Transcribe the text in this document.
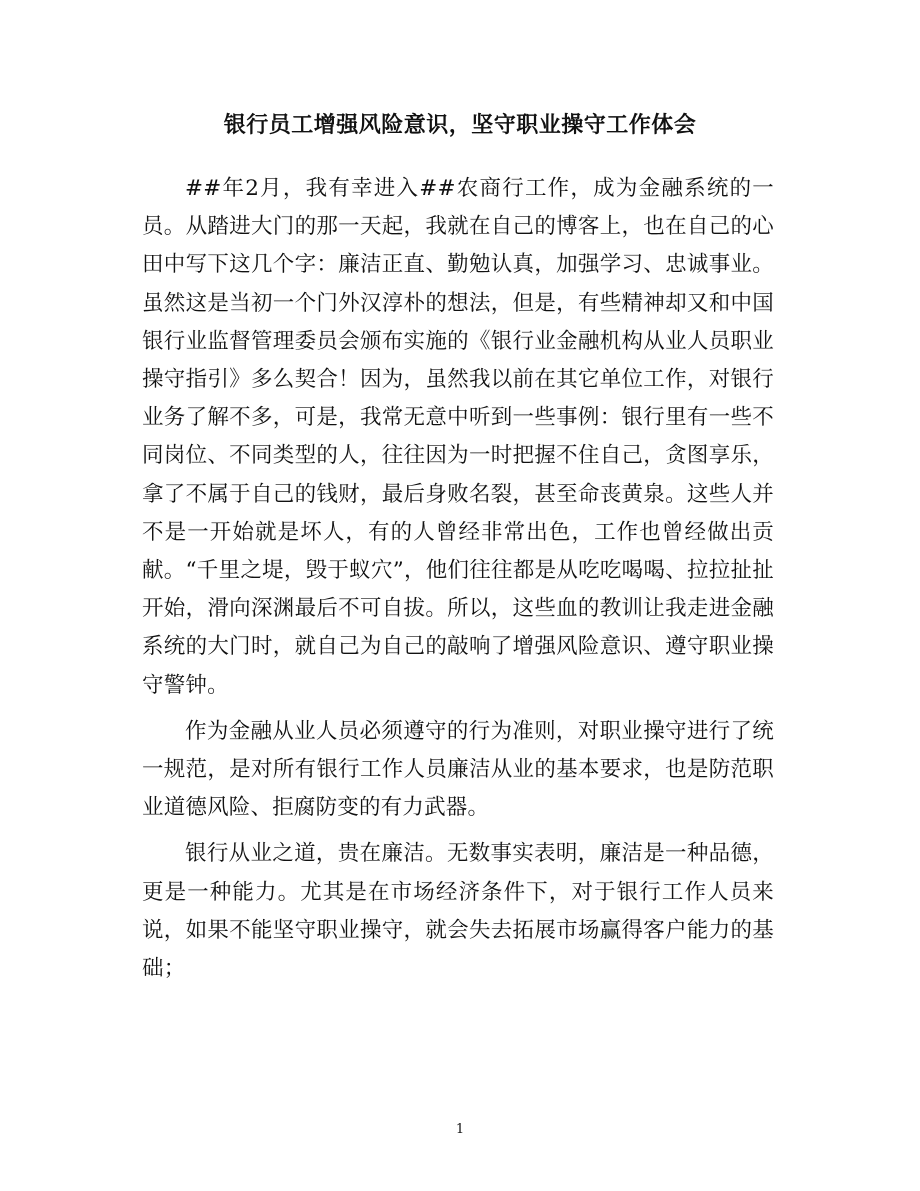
银行员工增强风险意识，坚守职业操守工作体会

##年2月，我有幸进入##农商行工作，成为金融系统的一员。从踏进大门的那一天起，我就在自己的博客上，也在自己的心田中写下这几个字：廉洁正直、勤勉认真，加强学习、忠诚事业。虽然这是当初一个门外汉淳朴的想法，但是，有些精神却又和中国银行业监督管理委员会颁布实施的《银行业金融机构从业人员职业操守指引》多么契合！因为，虽然我以前在其它单位工作，对银行业务了解不多，可是，我常无意中听到一些事例：银行里有一些不同岗位、不同类型的人，往往因为一时把握不住自己，贪图享乐，拿了不属于自己的钱财，最后身败名裂，甚至命丧黄泉。这些人并不是一开始就是坏人，有的人曾经非常出色，工作也曾经做出贡献。“千里之堤，毁于蚁穴”，他们往往都是从吃吃喝喝、拉拉扯扯开始，滑向深渊最后不可自拔。所以，这些血的教训让我走进金融系统的大门时，就自己为自己的敲响了增强风险意识、遵守职业操守警钟。

作为金融从业人员必须遵守的行为准则，对职业操守进行了统一规范，是对所有银行工作人员廉洁从业的基本要求，也是防范职业道德风险、拒腐防变的有力武器。

银行从业之道，贵在廉洁。无数事实表明，廉洁是一种品德，更是一种能力。尤其是在市场经济条件下，对于银行工作人员来说，如果不能坚守职业操守，就会失去拓展市场赢得客户能力的基础；

1
